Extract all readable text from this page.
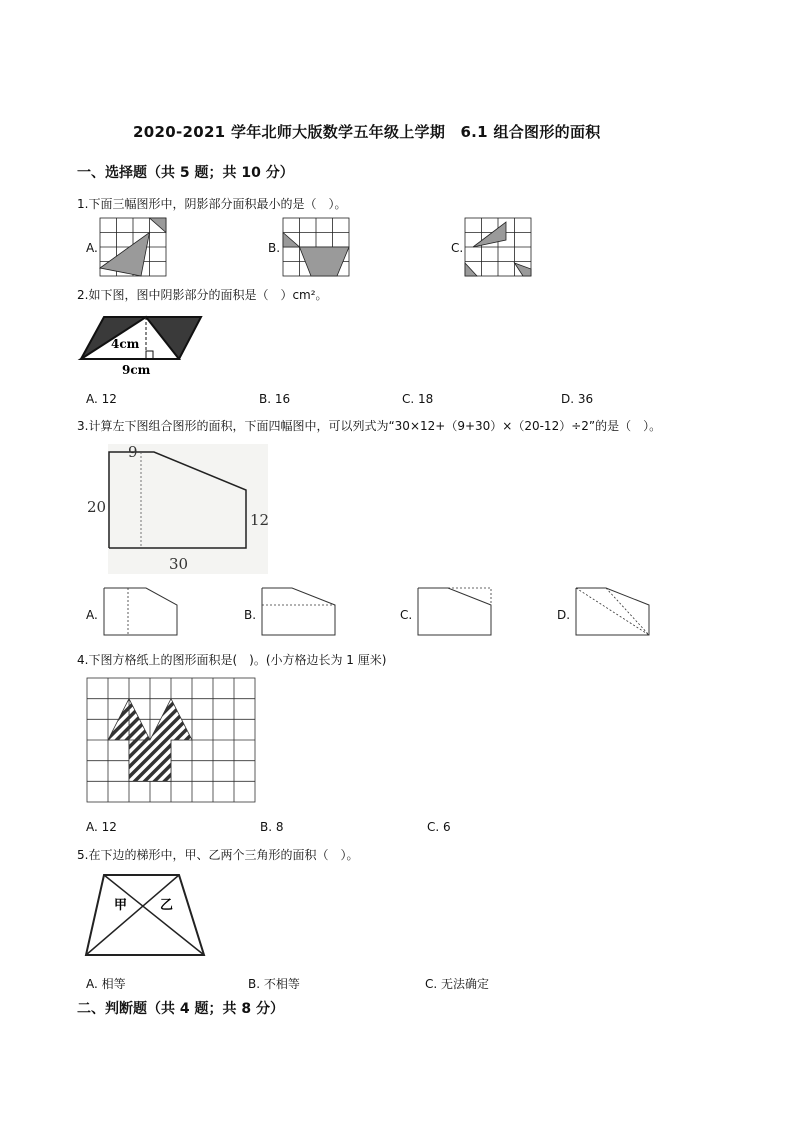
2020-2021 学年北师大版数学五年级上学期　6.1 组合图形的面积
一、选择题（共 5 题；共 10 分）
1.下面三幅图形中，阴影部分面积最小的是（　）。
A.	B.	C.
2.如下图，图中阴影部分的面积是（　）cm²。
4cm
9cm
A. 12	B. 16	C. 18	D. 36
3.计算左下图组合图形的面积，下面四幅图中，可以列式为“30×12+（9+30）×（20-12）÷2”的是（　）。
9
20
12
30
A.	B.	C.	D.
4.下图方格纸上的图形面积是(　)。(小方格边长为 1 厘米)
A. 12	B. 8	C. 6
5.在下边的梯形中，甲、乙两个三角形的面积（　）。
甲	乙
A. 相等	B. 不相等	C. 无法确定
二、判断题（共 4 题；共 8 分）
